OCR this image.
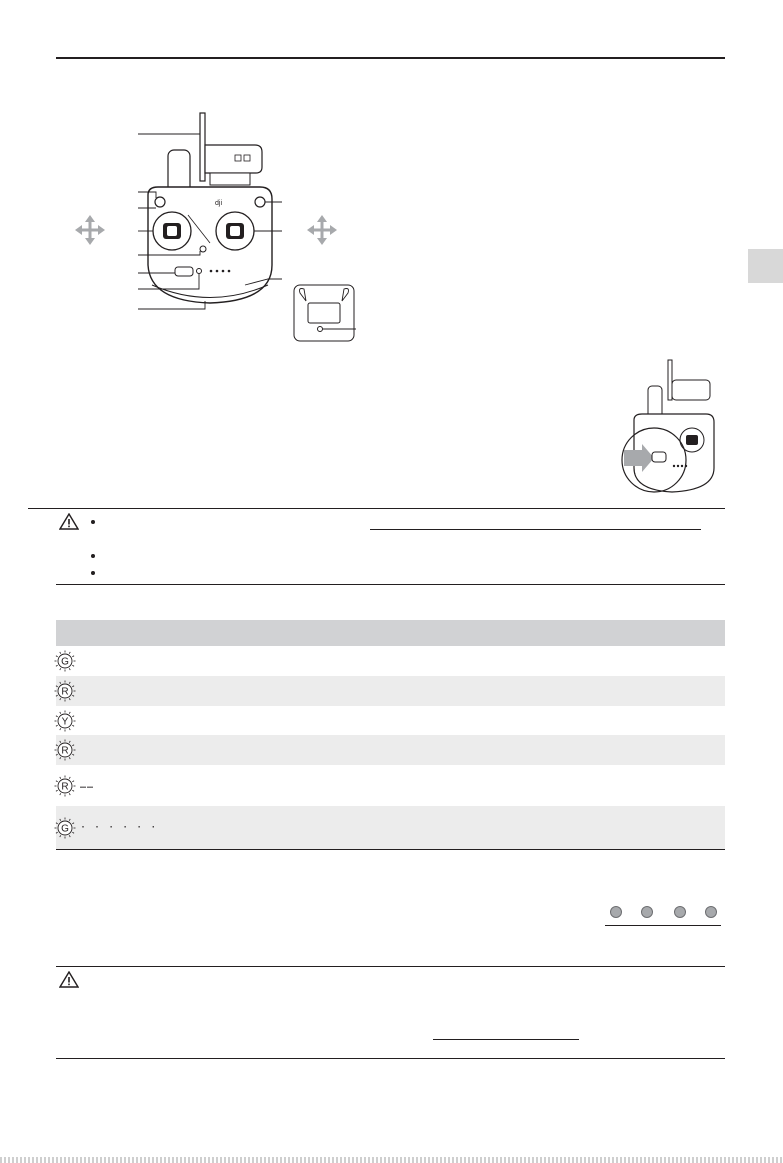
dji

G

R

Y

R

R ……

G · · · · · ·
